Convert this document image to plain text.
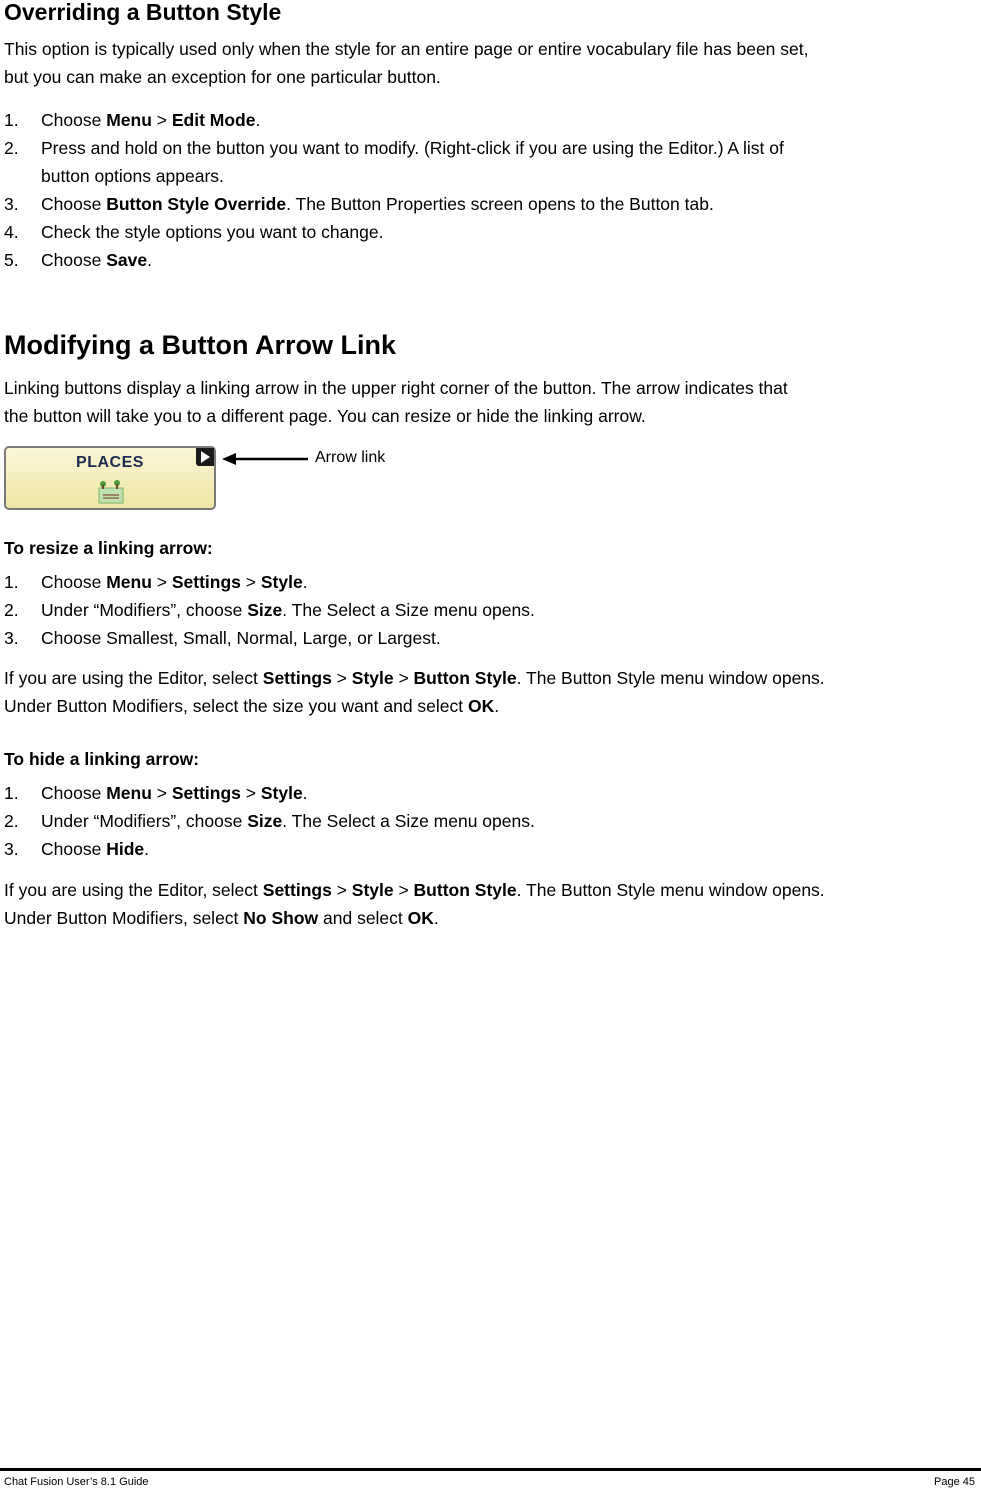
Overriding a Button Style
This option is typically used only when the style for an entire page or entire vocabulary file has been set,
but you can make an exception for one particular button.
1. Choose Menu > Edit Mode.
2. Press and hold on the button you want to modify. (Right-click if you are using the Editor.) A list of
button options appears.
3. Choose Button Style Override. The Button Properties screen opens to the Button tab.
4. Check the style options you want to change.
5. Choose Save.
Modifying a Button Arrow Link
Linking buttons display a linking arrow in the upper right corner of the button. The arrow indicates that
the button will take you to a different page. You can resize or hide the linking arrow.
PLACES	Arrow link
To resize a linking arrow:
1. Choose Menu > Settings > Style.
2. Under “Modifiers”, choose Size. The Select a Size menu opens.
3. Choose Smallest, Small, Normal, Large, or Largest.
If you are using the Editor, select Settings > Style > Button Style. The Button Style menu window opens.
Under Button Modifiers, select the size you want and select OK.
To hide a linking arrow:
1. Choose Menu > Settings > Style.
2. Under “Modifiers”, choose Size. The Select a Size menu opens.
3. Choose Hide.
If you are using the Editor, select Settings > Style > Button Style. The Button Style menu window opens.
Under Button Modifiers, select No Show and select OK.
Chat Fusion User’s 8.1 Guide	Page 45
